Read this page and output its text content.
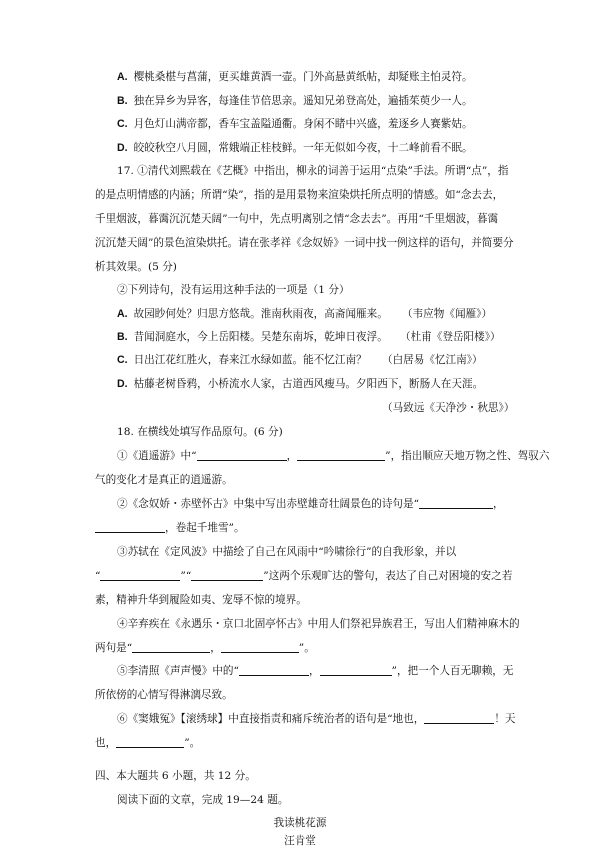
A. 樱桃桑椹与菖蒲，更买雄黄酒一壶。门外高悬黄纸帖，却疑账主怕灵符。
B. 独在异乡为异客，每逢佳节倍思亲。遥知兄弟登高处，遍插茱萸少一人。
C. 月色灯山满帝都，香车宝盖隘通衢。身闲不睹中兴盛，羞逐乡人赛紫姑。
D. 皎皎秋空八月圆，常娥端正桂枝鲜。一年无似如今夜，十二峰前看不眠。
17. ①清代刘熙载在《艺概》中指出，柳永的词善于运用“点染”手法。所谓“点”，指
的是点明情感的内涵；所谓“染”，指的是用景物来渲染烘托所点明的情感。如“念去去，
千里烟波，暮霭沉沉楚天阔”一句中，先点明离别之情“念去去”。再用“千里烟波，暮霭
沉沉楚天阔”的景色渲染烘托。请在张孝祥《念奴娇》一词中找一例这样的语句，并简要分
析其效果。(5 分)
②下列诗句，没有运用这种手法的一项是（1 分）
A. 故园眇何处？归思方悠哉。淮南秋雨夜，高斋闻雁来。 （韦应物《闻雁》）
B. 昔闻洞庭水，今上岳阳楼。吴楚东南坼，乾坤日夜浮。 （杜甫《登岳阳楼》）
C. 日出江花红胜火，春来江水绿如蓝。能不忆江南？ （白居易《忆江南》）
D. 枯藤老树昏鸦，小桥流水人家，古道西风瘦马。夕阳西下，断肠人在天涯。
（马致远《天净沙・秋思》）
18. 在横线处填写作品原句。(6 分)
①《逍遥游》中“	，	”，指出顺应天地万物之性、驾驭六
气的变化才是真正的逍遥游。
②《念奴娇・赤壁怀古》中集中写出赤壁雄奇壮阔景色的诗句是“	，
，卷起千堆雪”。
③苏轼在《定风波》中描绘了自己在风雨中“吟啸徐行”的自我形象，并以
“	”“	”这两个乐观旷达的警句，表达了自己对困境的安之若
素，精神升华到履险如夷、宠辱不惊的境界。
④辛弃疾在《永遇乐・京口北固亭怀古》中用人们祭祀异族君王，写出人们精神麻木的
两句是“	，	”。
⑤李清照《声声慢》中的“	，	”，把一个人百无聊赖，无
所依傍的心情写得淋漓尽致。
⑥《窦娥冤》【滚绣球】中直接指责和痛斥统治者的语句是“地也，	！天
也，	”。
四、本大题共 6 小题，共 12 分。
阅读下面的文章，完成 19—24 题。
我读桃花源
汪肯堂
